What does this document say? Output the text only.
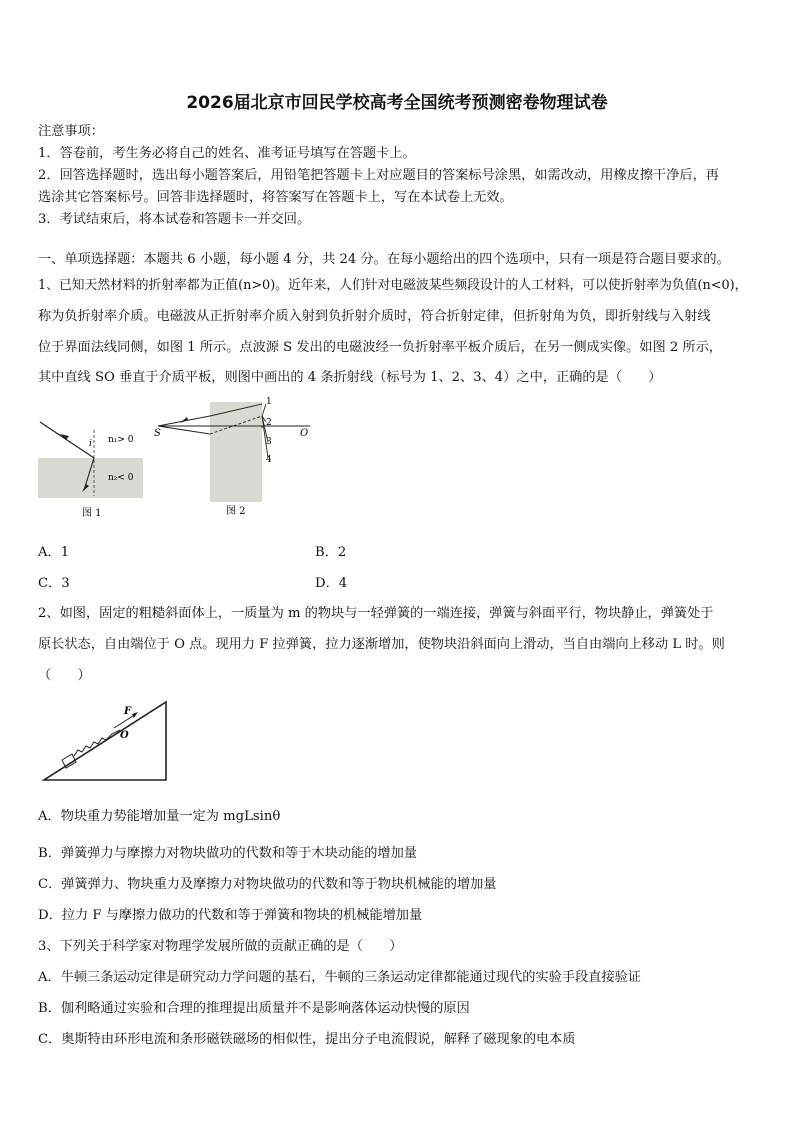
2026届北京市回民学校高考全国统考预测密卷物理试卷
注意事项：
1．答卷前，考生务必将自己的姓名、准考证号填写在答题卡上。
2．回答选择题时，选出每小题答案后，用铅笔把答题卡上对应题目的答案标号涂黑，如需改动，用橡皮擦干净后，再
选涂其它答案标号。回答非选择题时，将答案写在答题卡上，写在本试卷上无效。
3．考试结束后，将本试卷和答题卡一并交回。
一、单项选择题：本题共 6 小题，每小题 4 分，共 24 分。在每小题给出的四个选项中，只有一项是符合题目要求的。
1、已知天然材料的折射率都为正值(n>0)。近年来，人们针对电磁波某些频段设计的人工材料，可以使折射率为负值(n<0)，
称为负折射率介质。电磁波从正折射率介质入射到负折射介质时，符合折射定律，但折射角为负，即折射线与入射线
位于界面法线同侧，如图 1 所示。点波源 S 发出的电磁波经一负折射率平板介质后，在另一侧成实像。如图 2 所示，
其中直线 SO 垂直于介质平板，则图中画出的 4 条折射线（标号为 1、2、3、4）之中，正确的是（　　）
i n₁> 0
n₂< 0
图 1
1
2
3
4
S	O
图 2
A．1	B．2
C．3	D．4
2、如图，固定的粗糙斜面体上，一质量为 m 的物块与一轻弹簧的一端连接，弹簧与斜面平行，物块静止，弹簧处于
原长状态，自由端位于 O 点。现用力 F 拉弹簧，拉力逐渐增加，使物块沿斜面向上滑动，当自由端向上移动 L 时。则
（　　）
F
O
A．物块重力势能增加量一定为 mgLsinθ
B．弹簧弹力与摩擦力对物块做功的代数和等于木块动能的增加量
C．弹簧弹力、物块重力及摩擦力对物块做功的代数和等于物块机械能的增加量
D．拉力 F 与摩擦力做功的代数和等于弹簧和物块的机械能增加量
3、下列关于科学家对物理学发展所做的贡献正确的是（　　）
A．牛顿三条运动定律是研究动力学问题的基石，牛顿的三条运动定律都能通过现代的实验手段直接验证
B．伽利略通过实验和合理的推理提出质量并不是影响落体运动快慢的原因
C．奥斯特由环形电流和条形磁铁磁场的相似性，提出分子电流假说，解释了磁现象的电本质
